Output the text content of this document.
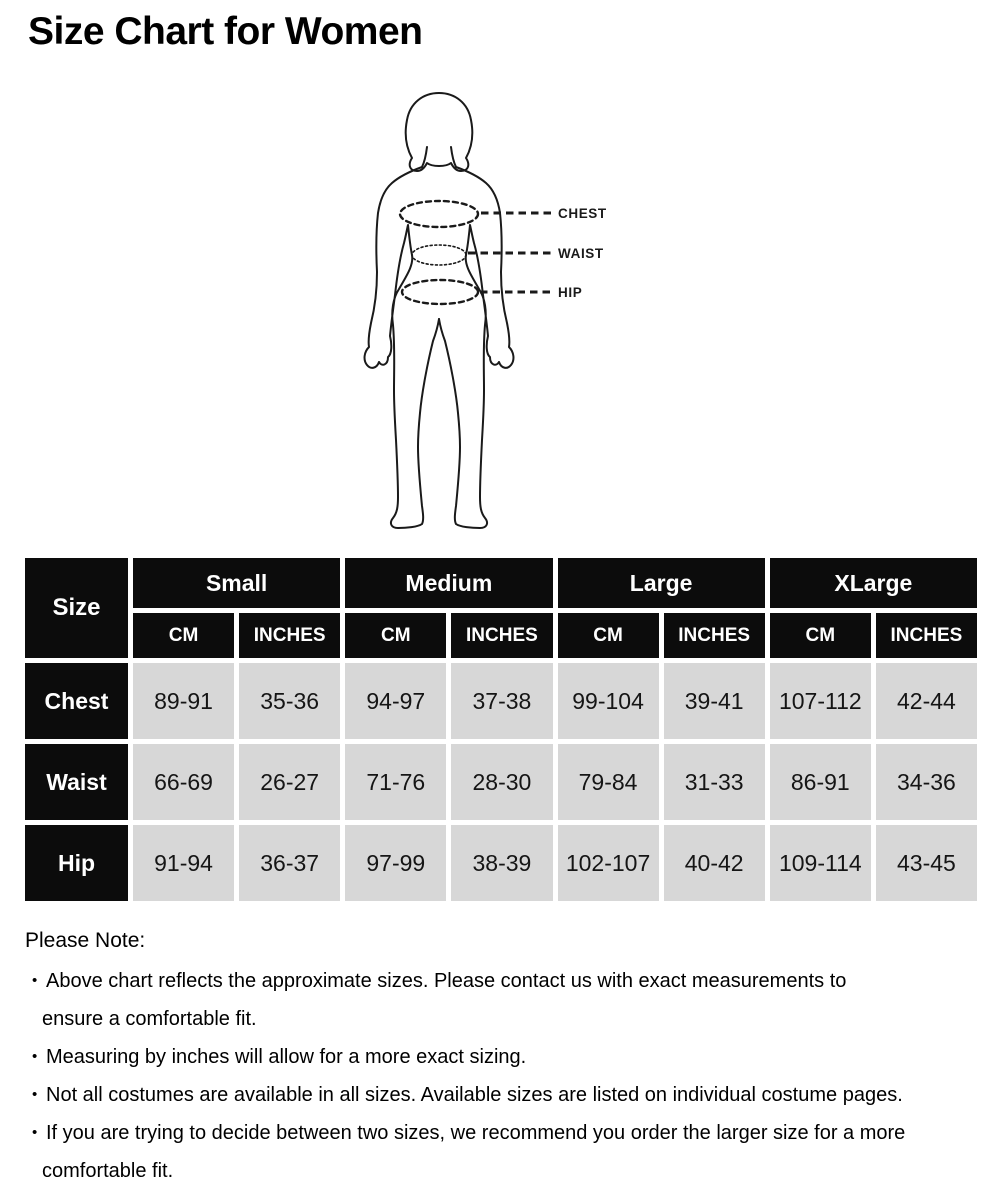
Size Chart for Women
CHEST
WAIST
HIP
Size
Small	Medium	Large	XLarge
CM	INCHES	CM	INCHES	CM	INCHES	CM	INCHES
Chest	89-91	35-36	94-97	37-38	99-104	39-41	107-112	42-44
Waist	66-69	26-27	71-76	28-30	79-84	31-33	86-91	34-36
Hip	91-94	36-37	97-99	38-39	102-107	40-42	109-114	43-45
Please Note:
• Above chart reflects the approximate sizes. Please contact us with exact measurements to
ensure a comfortable fit.
• Measuring by inches will allow for a more exact sizing.
• Not all costumes are available in all sizes. Available sizes are listed on individual costume pages.
• If you are trying to decide between two sizes, we recommend you order the larger size for a more
comfortable fit.
